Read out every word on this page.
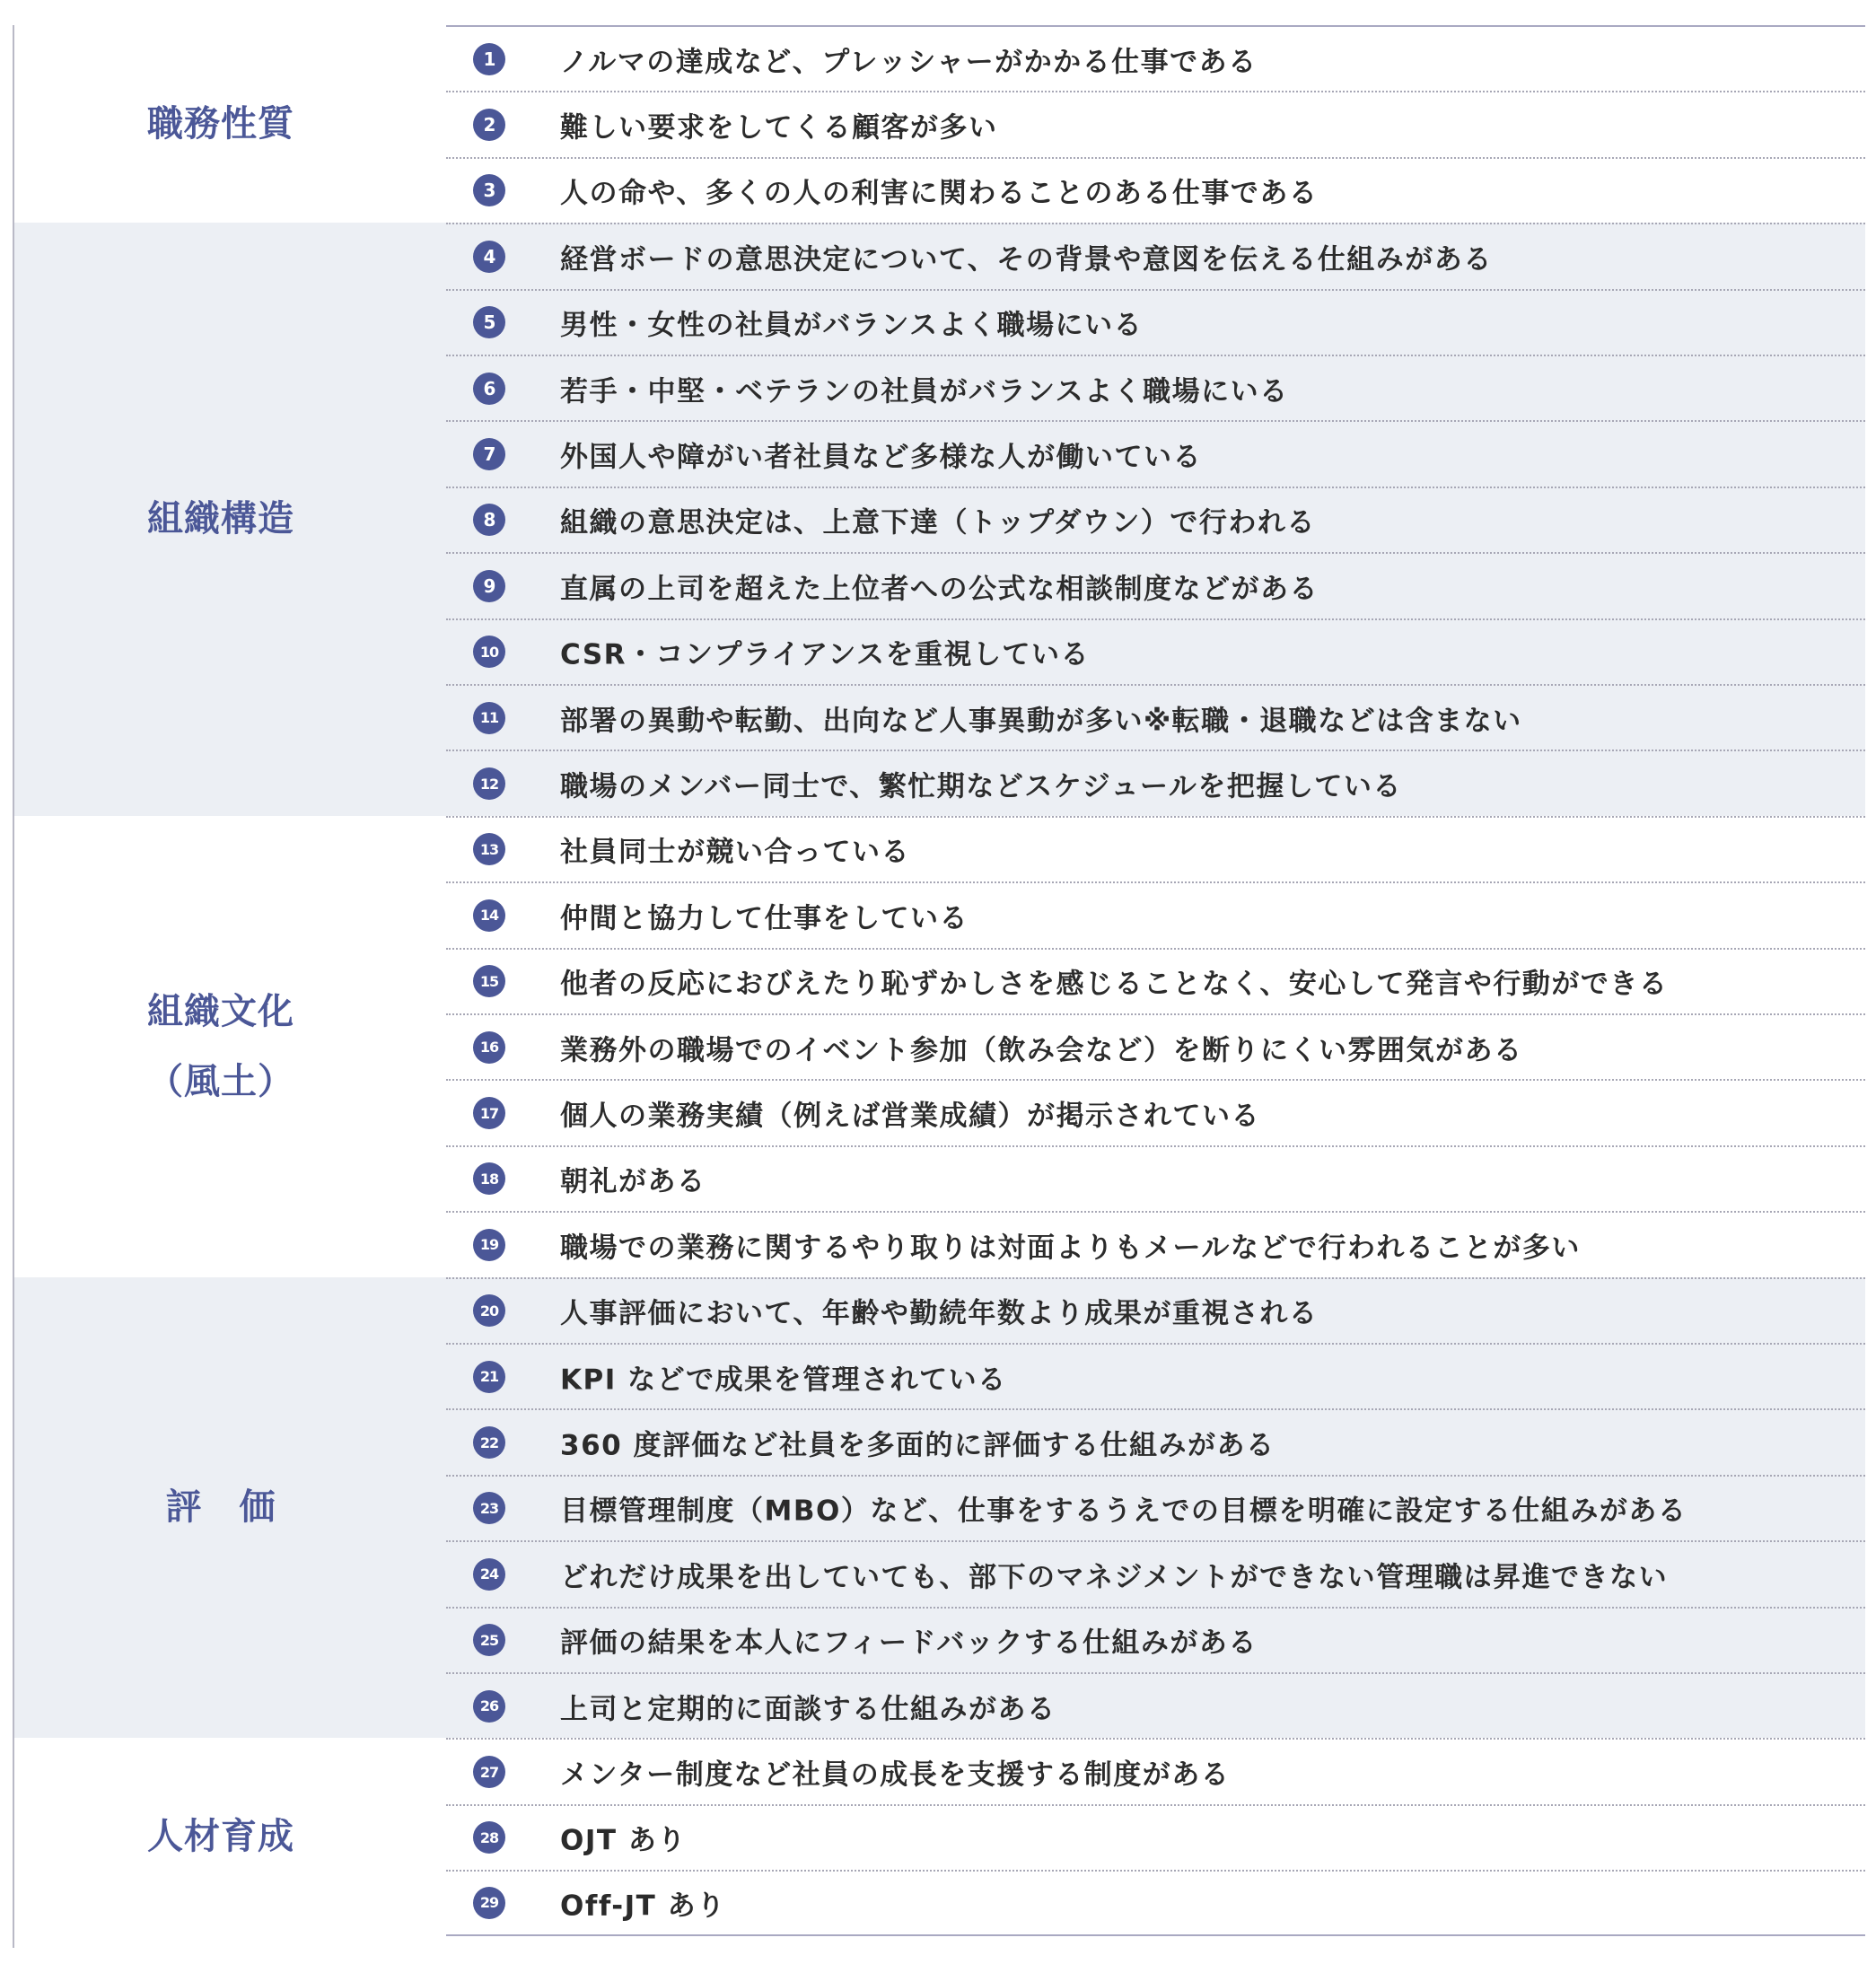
職務性質
1	ノルマの達成など、プレッシャーがかかる仕事である
2	難しい要求をしてくる顧客が多い
3	人の命や、多くの人の利害に関わることのある仕事である
組織構造
4	経営ボードの意思決定について、その背景や意図を伝える仕組みがある
5	男性・女性の社員がバランスよく職場にいる
6	若手・中堅・ベテランの社員がバランスよく職場にいる
7	外国人や障がい者社員など多様な人が働いている
8	組織の意思決定は、上意下達（トップダウン）で行われる
9	直属の上司を超えた上位者への公式な相談制度などがある
10 CSR・コンプライアンスを重視している
11 部署の異動や転勤、出向など人事異動が多い※転職・退職などは含まない
12 職場のメンバー同士で、繁忙期などスケジュールを把握している
組織文化
（風土）
13 社員同士が競い合っている
14 仲間と協力して仕事をしている
15 他者の反応におびえたり恥ずかしさを感じることなく、安心して発言や行動ができる
16 業務外の職場でのイベント参加（飲み会など）を断りにくい雰囲気がある
17 個人の業務実績（例えば営業成績）が掲示されている
18 朝礼がある
19 職場での業務に関するやり取りは対面よりもメールなどで行われることが多い
評　価
20 人事評価において、年齢や勤続年数より成果が重視される
21 KPI などで成果を管理されている
22 360 度評価など社員を多面的に評価する仕組みがある
23 目標管理制度（MBO）など、仕事をするうえでの目標を明確に設定する仕組みがある
24 どれだけ成果を出していても、部下のマネジメントができない管理職は昇進できない
25 評価の結果を本人にフィードバックする仕組みがある
26 上司と定期的に面談する仕組みがある
人材育成
27 メンター制度など社員の成長を支援する制度がある
28 OJT あり
29 Off-JT あり
